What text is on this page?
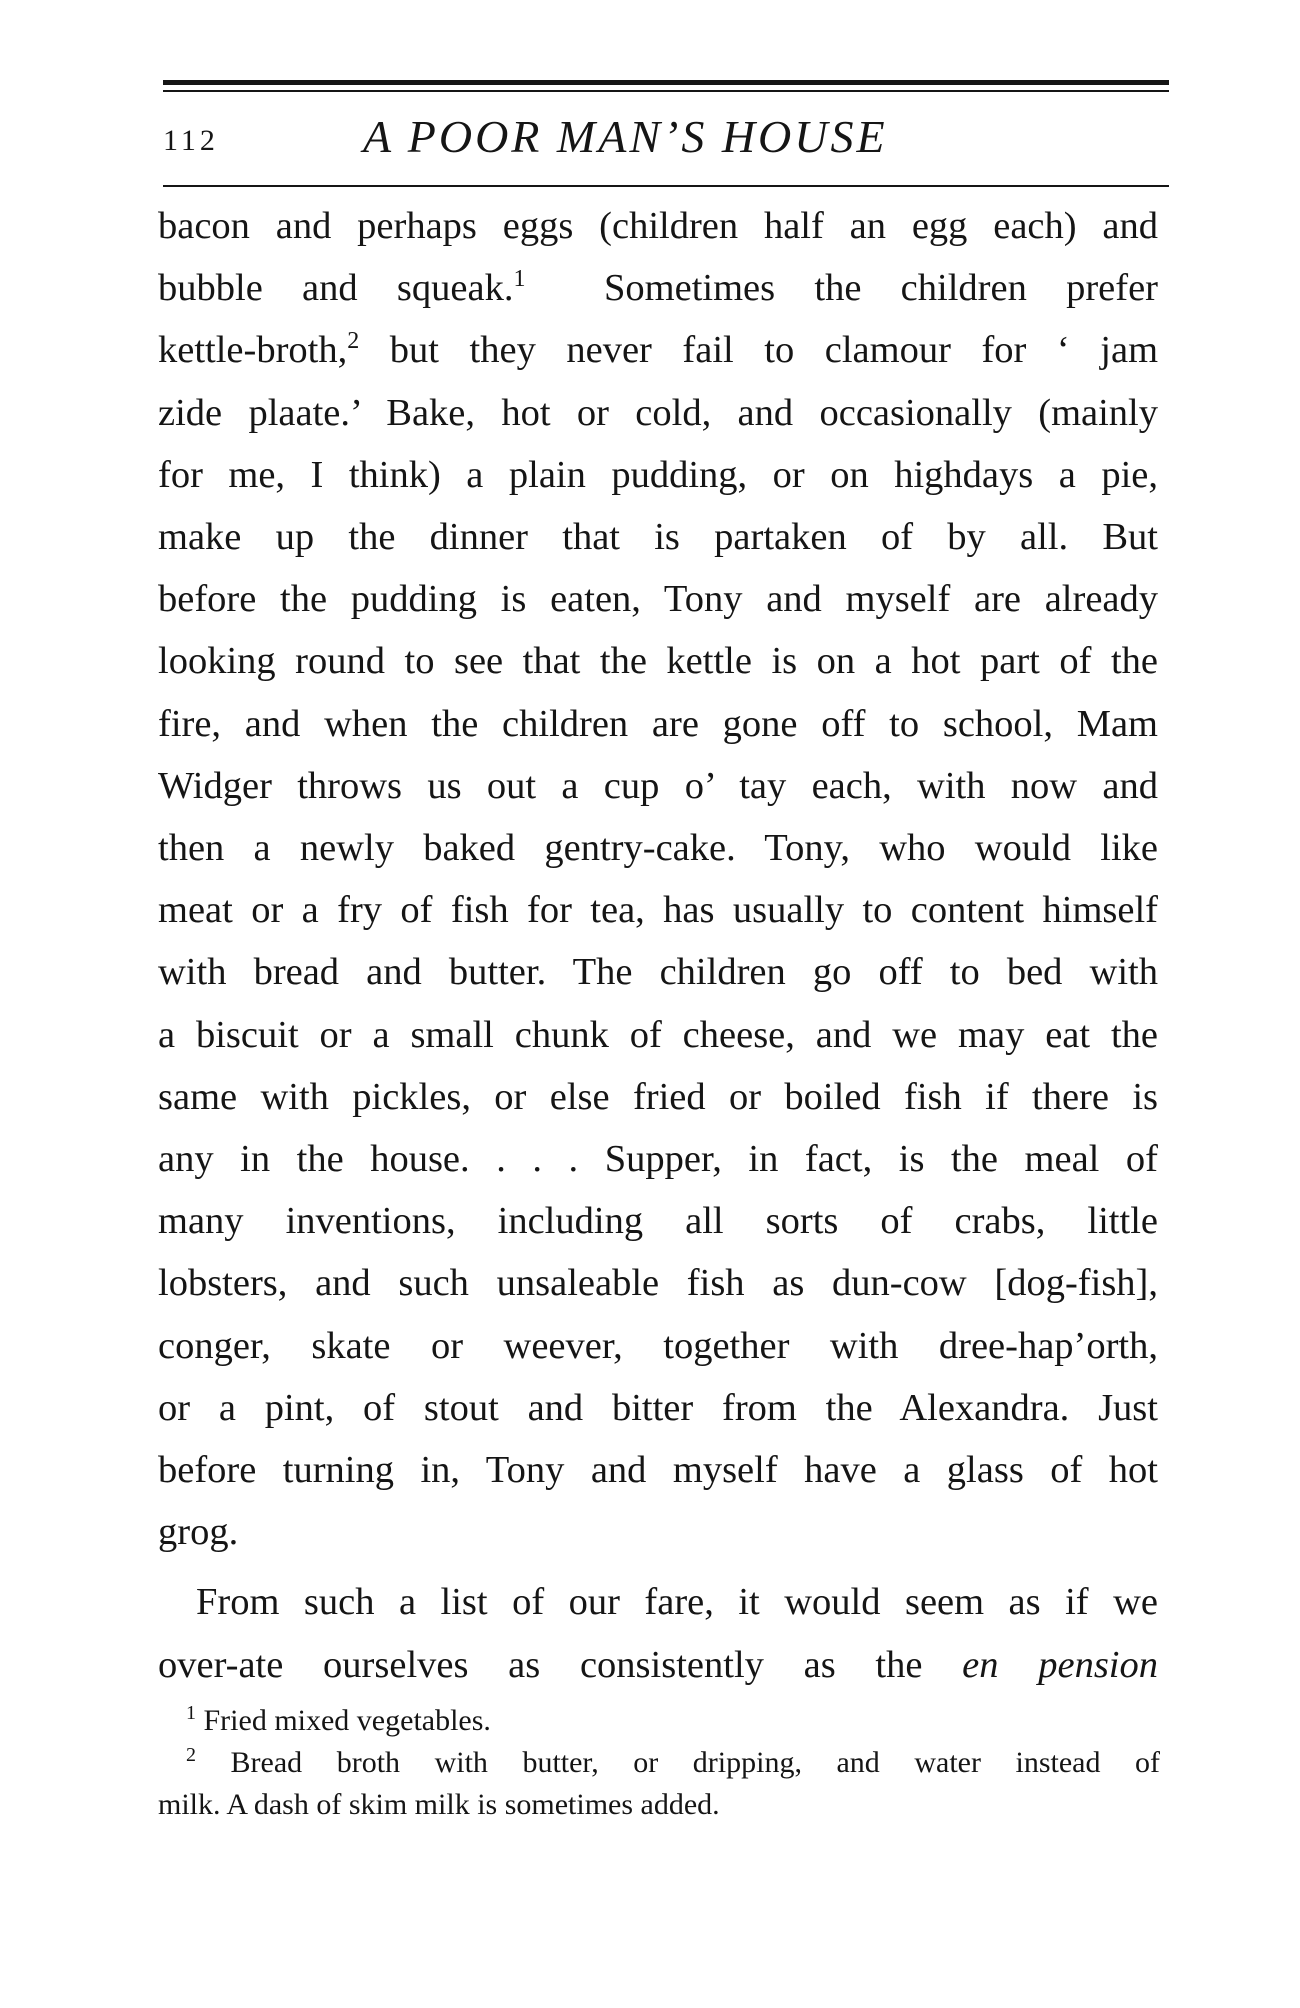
112	A POOR MAN’S HOUSE
bacon and perhaps eggs (children half an egg each) and
bubble and squeak.$^1$ Sometimes the children prefer
kettle-broth,$^2$ but they never fail to clamour for ‘ jam
zide plaate.’ Bake, hot or cold, and occasionally (mainly
for me, I think) a plain pudding, or on highdays a pie,
make up the dinner that is partaken of by all. But
before the pudding is eaten, Tony and myself are already
looking round to see that the kettle is on a hot part of the
fire, and when the children are gone off to school, Mam
Widger throws us out a cup o’ tay each, with now and
then a newly baked gentry-cake. Tony, who would like
meat or a fry of fish for tea, has usually to content himself
with bread and butter. The children go off to bed with
a biscuit or a small chunk of cheese, and we may eat the
same with pickles, or else fried or boiled fish if there is
any in the house. . . . Supper, in fact, is the meal of
many inventions, including all sorts of crabs, little
lobsters, and such unsaleable fish as dun-cow [dog-fish],
conger, skate or weever, together with dree-hap’orth,
or a pint, of stout and bitter from the Alexandra. Just
before turning in, Tony and myself have a glass of hot
grog.
From such a list of our fare, it would seem as if we
over-ate ourselves as consistently as the en pension
$^1$ Fried mixed vegetables.
$^2$ Bread broth with butter, or dripping, and water instead of
milk. A dash of skim milk is sometimes added.
